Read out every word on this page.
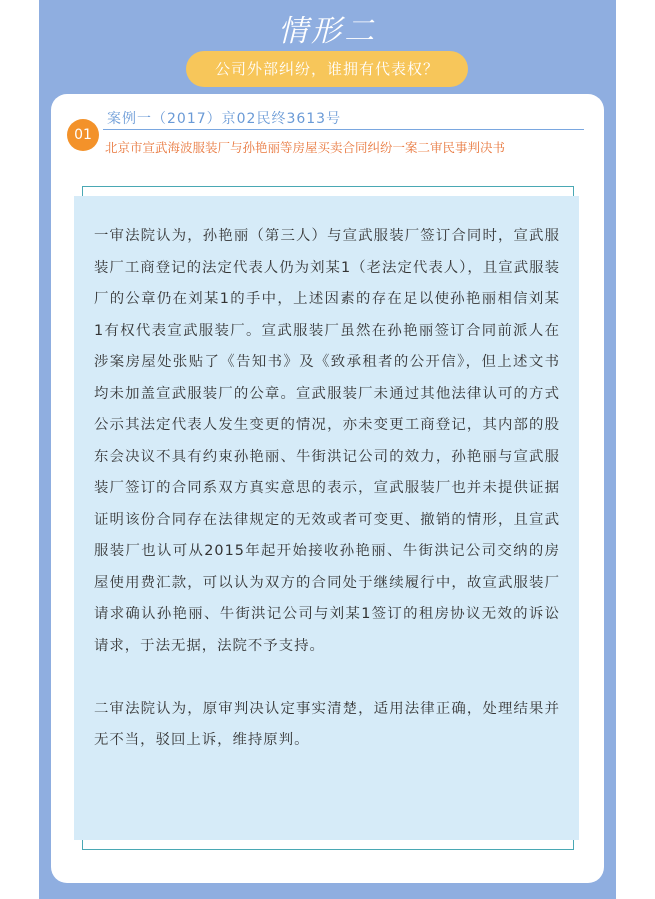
情形二
公司外部纠纷，谁拥有代表权？
01
案例一（2017）京02民终3613号
北京市宣武海波服装厂与孙艳丽等房屋买卖合同纠纷一案二审民事判决书

一审法院认为，孙艳丽（第三人）与宣武服装厂签订合同时，宣武服装厂工商登记的法定代表人仍为刘某1（老法定代表人），且宣武服装厂的公章仍在刘某1的手中，上述因素的存在足以使孙艳丽相信刘某1有权代表宣武服装厂。宣武服装厂虽然在孙艳丽签订合同前派人在涉案房屋处张贴了《告知书》及《致承租者的公开信》，但上述文书均未加盖宣武服装厂的公章。宣武服装厂未通过其他法律认可的方式公示其法定代表人发生变更的情况，亦未变更工商登记，其内部的股东会决议不具有约束孙艳丽、牛街洪记公司的效力，孙艳丽与宣武服装厂签订的合同系双方真实意思的表示，宣武服装厂也并未提供证据证明该份合同存在法律规定的无效或者可变更、撤销的情形，且宣武服装厂也认可从2015年起开始接收孙艳丽、牛街洪记公司交纳的房屋使用费汇款，可以认为双方的合同处于继续履行中，故宣武服装厂请求确认孙艳丽、牛街洪记公司与刘某1签订的租房协议无效的诉讼请求，于法无据，法院不予支持。

二审法院认为，原审判决认定事实清楚，适用法律正确，处理结果并无不当，驳回上诉，维持原判。
